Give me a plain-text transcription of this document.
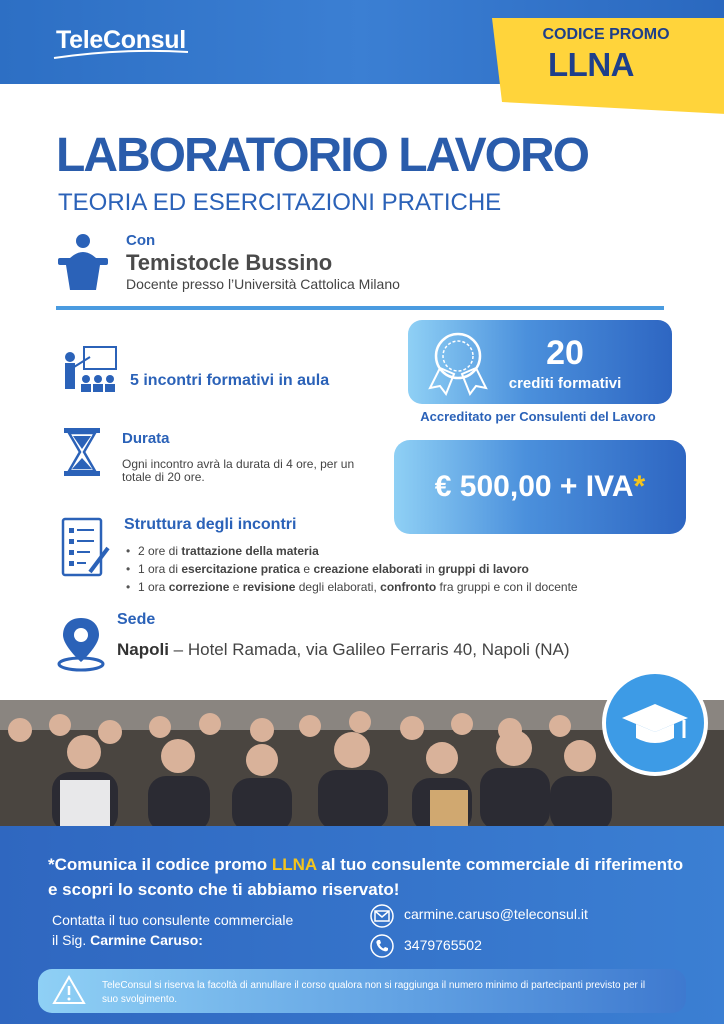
TeleConsul	CODICE PROMO
LLNA
LABORATORIO LAVORO
TEORIA ED ESERCITAZIONI PRATICHE
Con
Temistocle Bussino
Docente presso l’Università Cattolica Milano
5 incontri formativi in aula
Durata
Ogni incontro avrà la durata di 4 ore, per un totale di 20 ore.
Struttura degli incontri
• 2 ore di trattazione della materia
• 1 ora di esercitazione pratica e creazione elaborati in gruppi di lavoro
• 1 ora correzione e revisione degli elaborati, confronto fra gruppi e con il docente
Sede
Napoli – Hotel Ramada, via Galileo Ferraris 40, Napoli (NA)
20
crediti formativi
Accreditato per Consulenti del Lavoro
€ 500,00 + IVA*
*Comunica il codice promo LLNA al tuo consulente commerciale di riferimento e scopri lo sconto che ti abbiamo riservato!
Contatta il tuo consulente commerciale
il Sig. Carmine Caruso:
carmine.caruso@teleconsul.it
3479765502
TeleConsul si riserva la facoltà di annullare il corso qualora non si raggiunga il numero minimo di partecipanti previsto per il suo svolgimento.
